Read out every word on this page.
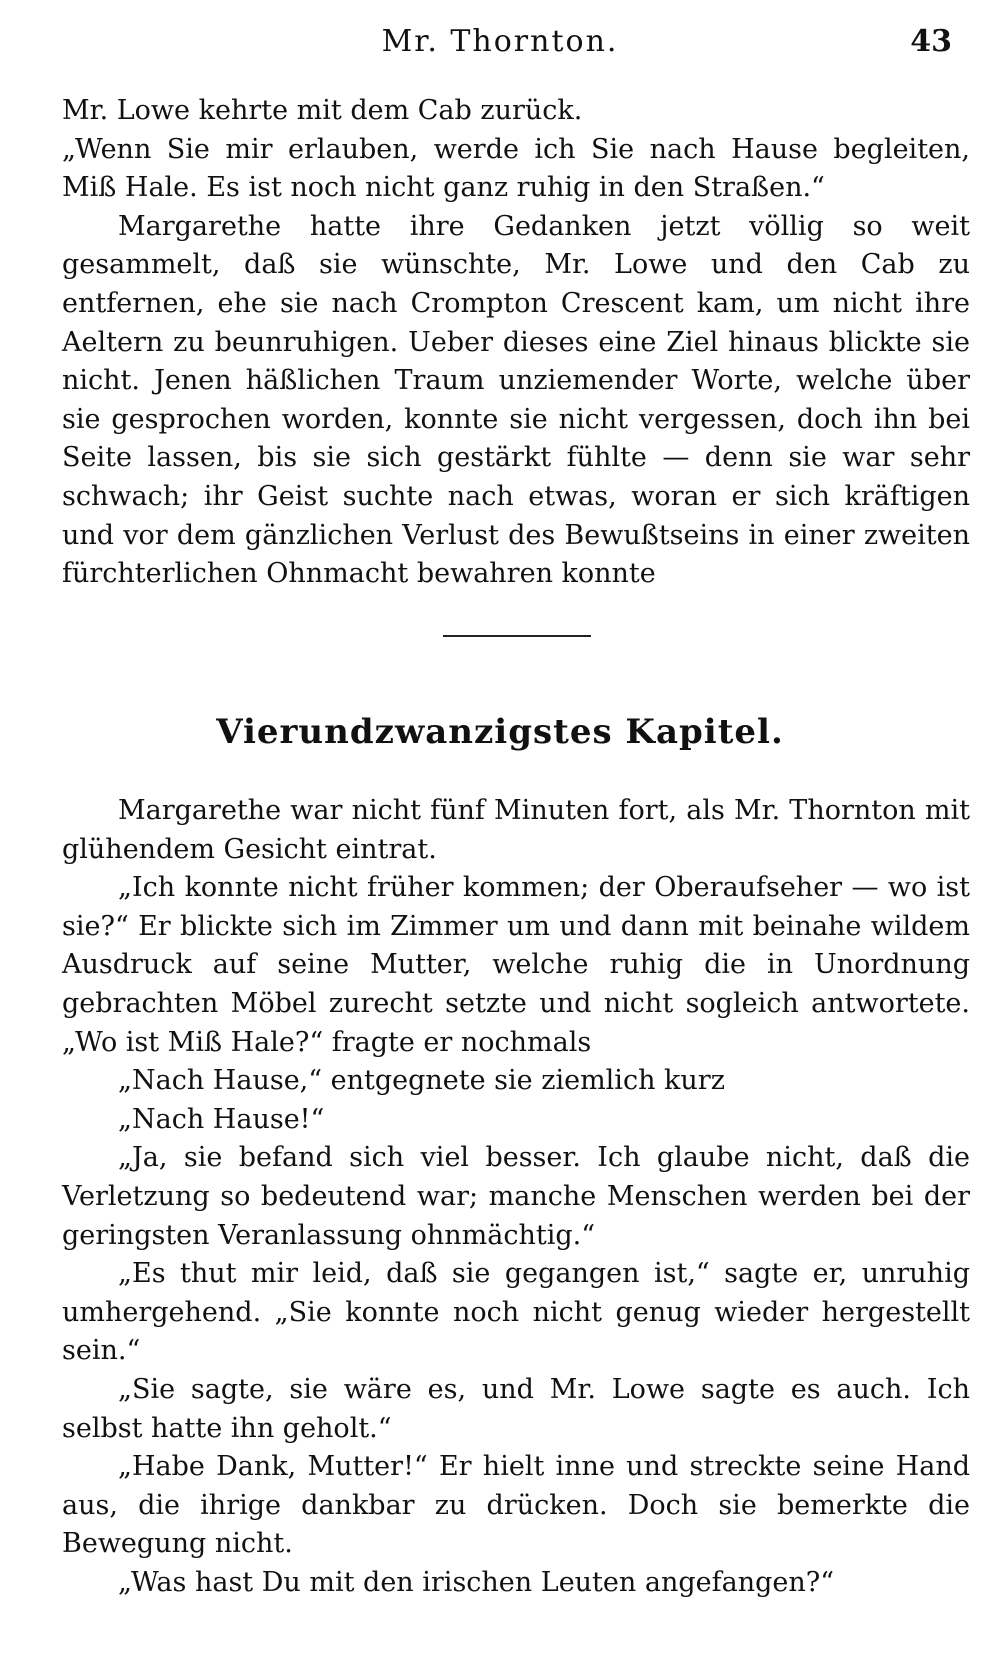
Mr. Thornton.	43

Mr. Lowe kehrte mit dem Cab zurück.

„Wenn Sie mir erlauben, werde ich Sie nach Hause begleiten, Miß Hale. Es ist noch nicht ganz ruhig in den Straßen.“

Margarethe hatte ihre Gedanken jetzt völlig so weit gesammelt, daß sie wünschte, Mr. Lowe und den Cab zu entfernen, ehe sie nach Crompton Crescent kam, um nicht ihre Aeltern zu beunruhigen. Ueber dieses eine Ziel hinaus blickte sie nicht. Jenen häßlichen Traum unziemender Worte, welche über sie gesprochen worden, konnte sie nicht vergessen, doch ihn bei Seite lassen, bis sie sich gestärkt fühlte — denn sie war sehr schwach; ihr Geist suchte nach etwas, woran er sich kräftigen und vor dem gänzlichen Verlust des Bewußtseins in einer zweiten fürchterlichen Ohnmacht bewahren konnte

Vierundzwanzigstes Kapitel.

Margarethe war nicht fünf Minuten fort, als Mr. Thornton mit glühendem Gesicht eintrat.

„Ich konnte nicht früher kommen; der Oberaufseher — wo ist sie?“ Er blickte sich im Zimmer um und dann mit beinahe wildem Ausdruck auf seine Mutter, welche ruhig die in Unordnung gebrachten Möbel zurecht setzte und nicht sogleich antwortete. „Wo ist Miß Hale?“ fragte er nochmals

„Nach Hause,“ entgegnete sie ziemlich kurz

„Nach Hause!“

„Ja, sie befand sich viel besser. Ich glaube nicht, daß die Verletzung so bedeutend war; manche Menschen werden bei der geringsten Veranlassung ohnmächtig.“

„Es thut mir leid, daß sie gegangen ist,“ sagte er, unruhig umhergehend. „Sie konnte noch nicht genug wieder hergestellt sein.“

„Sie sagte, sie wäre es, und Mr. Lowe sagte es auch. Ich selbst hatte ihn geholt.“

„Habe Dank, Mutter!“ Er hielt inne und streckte seine Hand aus, die ihrige dankbar zu drücken. Doch sie bemerkte die Bewegung nicht.

„Was hast Du mit den irischen Leuten angefangen?“
